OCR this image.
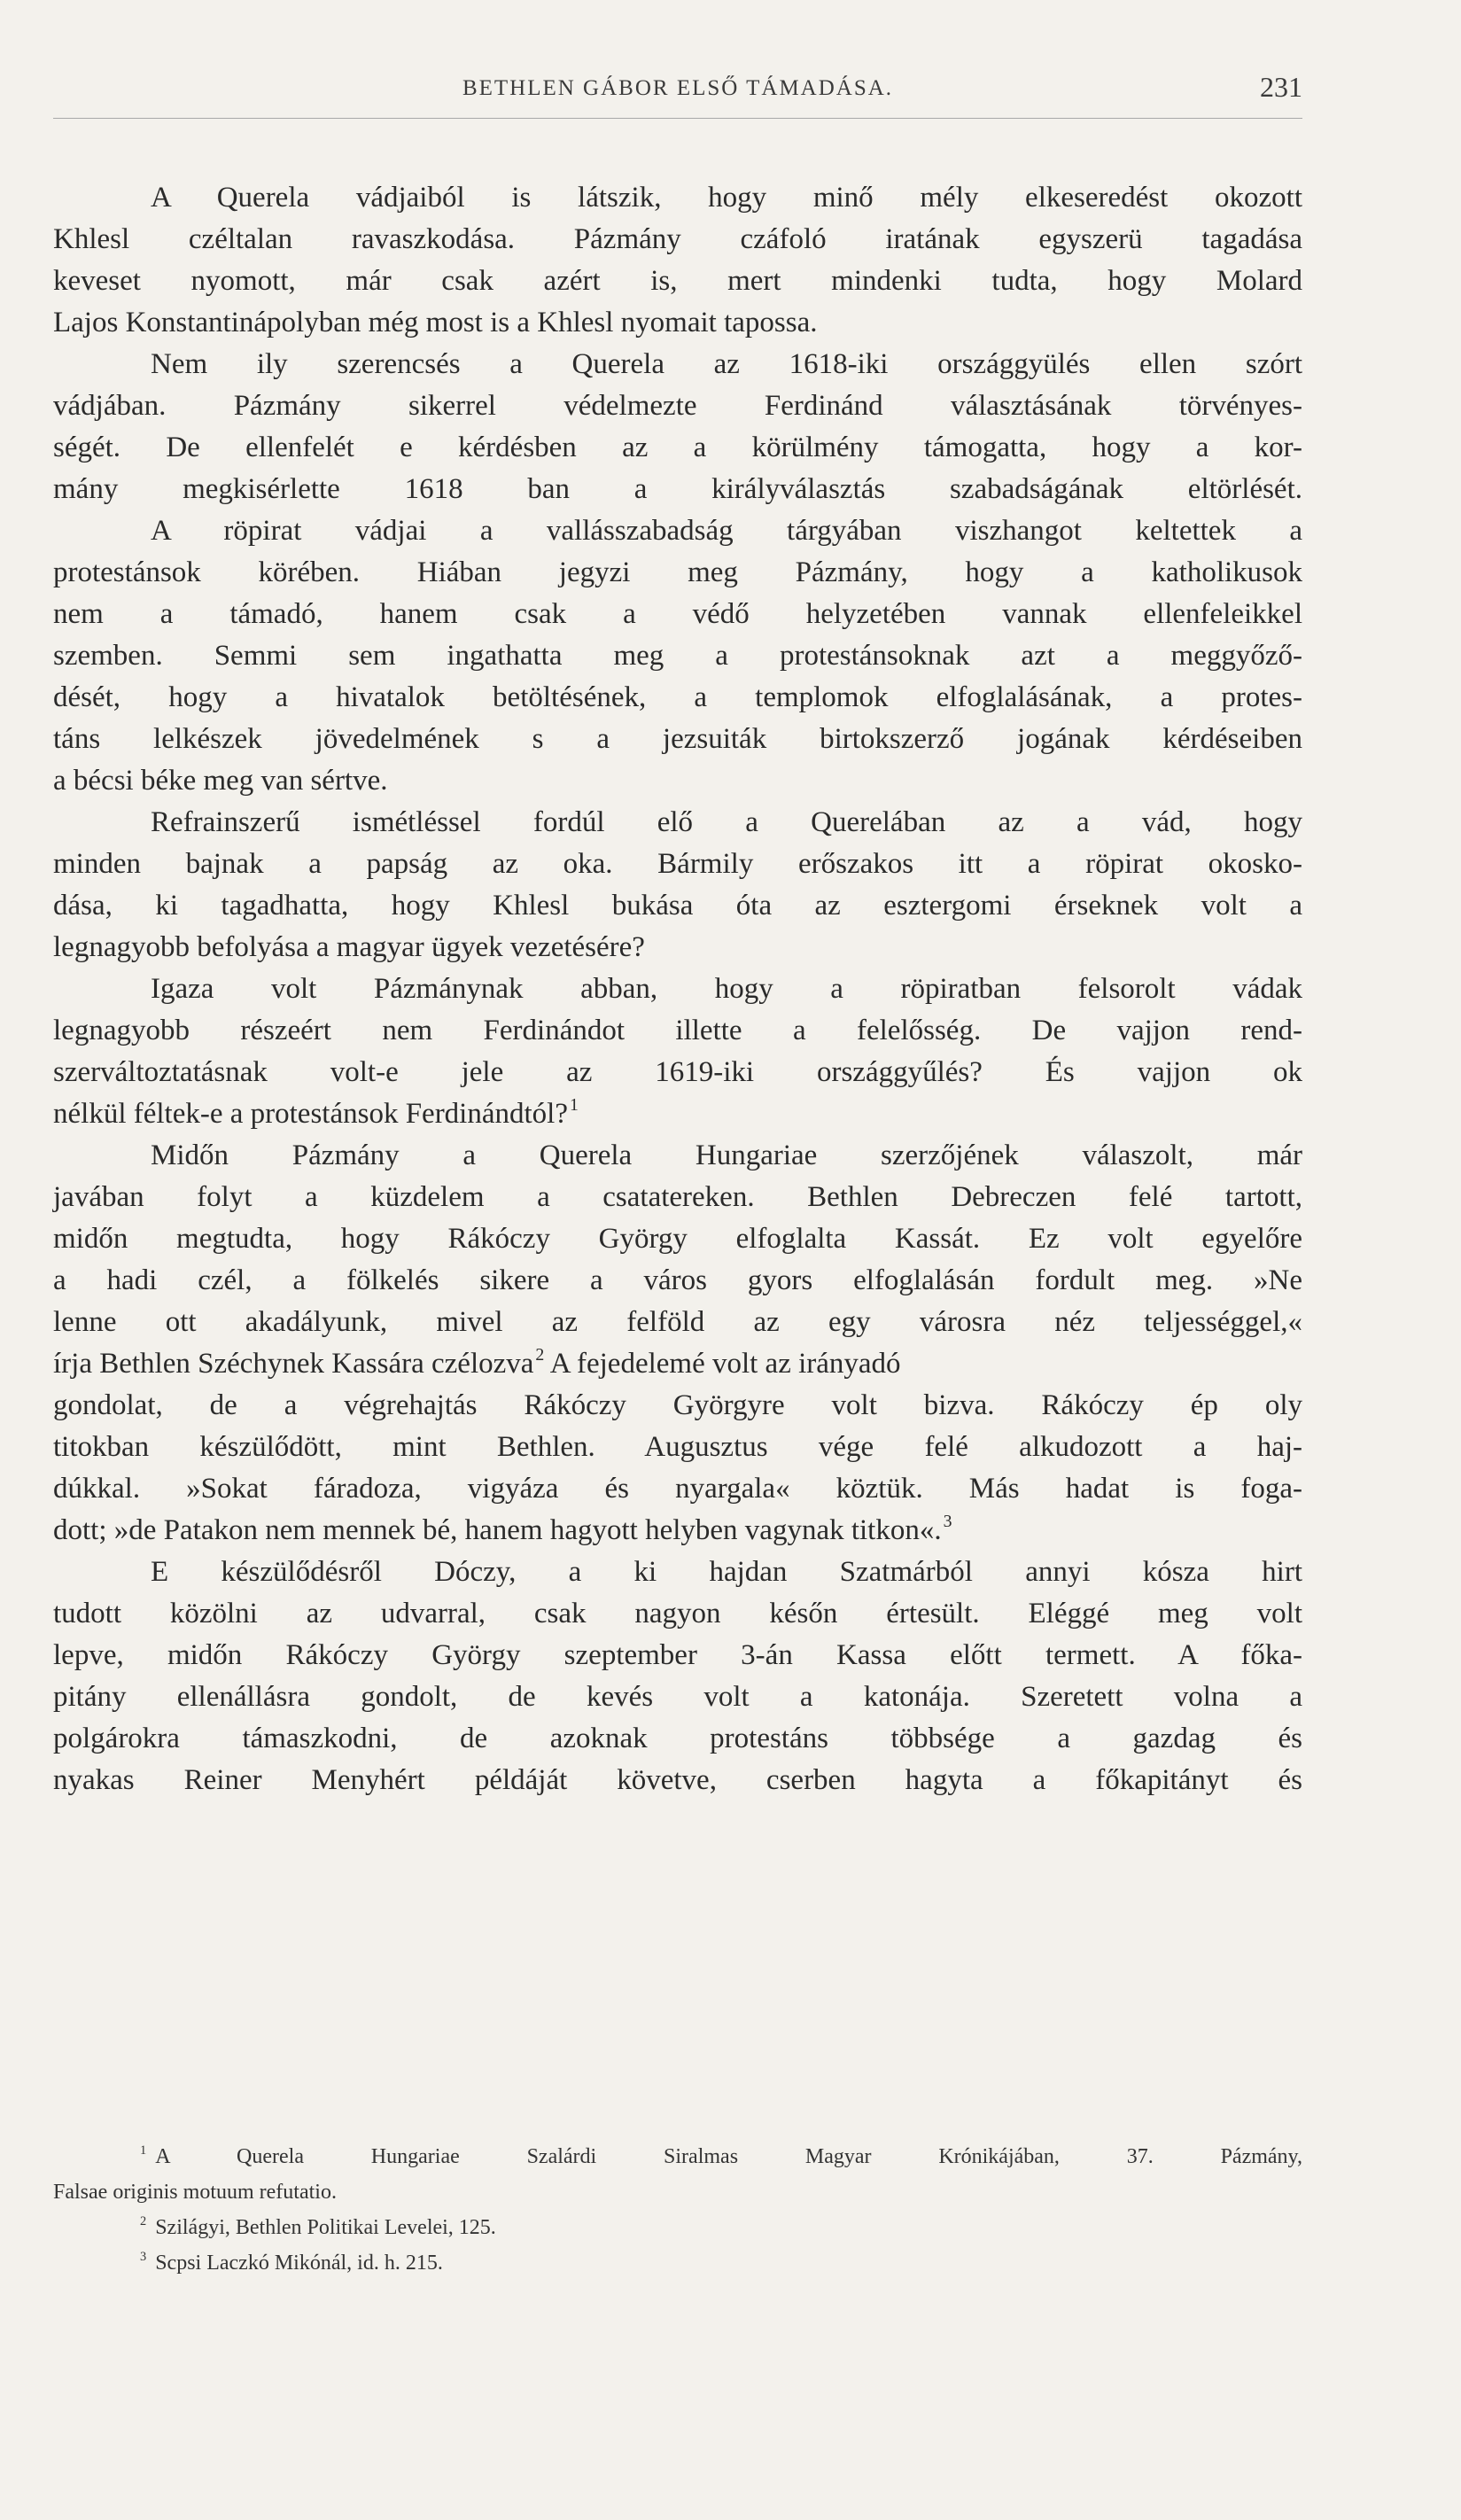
BETHLEN GÁBOR ELSŐ TÁMADÁSA.	231
A Querela vádjaiból is látszik, hogy minő mély elkeseredést okozott
Khlesl czéltalan ravaszkodása. Pázmány czáfoló iratának egyszerü tagadása
keveset nyomott, már csak azért is, mert mindenki tudta, hogy Molard
Lajos Konstantinápolyban még most is a Khlesl nyomait tapossa.
Nem ily szerencsés a Querela az 1618-iki országgyülés ellen szórt
vádjában. Pázmány sikerrel védelmezte Ferdinánd választásának törvényes-
ségét. De ellenfelét e kérdésben az a körülmény támogatta, hogy a kor-
mány megkisérlette 1618 ban a királyválasztás szabadságának eltörlését.
A röpirat vádjai a vallásszabadság tárgyában viszhangot keltettek a
protestánsok körében. Hiában jegyzi meg Pázmány, hogy a katholikusok
nem a támadó, hanem csak a védő helyzetében vannak ellenfeleikkel
szemben. Semmi sem ingathatta meg a protestánsoknak azt a meggyőző-
dését, hogy a hivatalok betöltésének, a templomok elfoglalásának, a protes-
táns lelkészek jövedelmének s a jezsuiták birtokszerző jogának kérdéseiben
a bécsi béke meg van sértve.
Refrainszerű ismétléssel fordúl elő a Querelában az a vád, hogy
minden bajnak a papság az oka. Bármily erőszakos itt a röpirat okosko-
dása, ki tagadhatta, hogy Khlesl bukása óta az esztergomi érseknek volt a
legnagyobb befolyása a magyar ügyek vezetésére?
Igaza volt Pázmánynak abban, hogy a röpiratban felsorolt vádak
legnagyobb részeért nem Ferdinándot illette a felelősség. De vajjon rend-
szerváltoztatásnak volt-e jele az 1619-iki országgyűlés? És vajjon ok
nélkül féltek-e a protestánsok Ferdinándtól? $^1$
Midőn Pázmány a Querela Hungariae szerzőjének válaszolt, már
javában folyt a küzdelem a csatatereken. Bethlen Debreczen felé tartott,
midőn megtudta, hogy Rákóczy György elfoglalta Kassát. Ez volt egyelőre
a hadi czél, a fölkelés sikere a város gyors elfoglalásán fordult meg. »Ne
lenne ott akadályunk, mivel az felföld az egy városra néz teljességgel,«
írja Bethlen Széchynek Kassára czélozva $^2$ A fejedelemé volt az irányadó
gondolat, de a végrehajtás Rákóczy Györgyre volt bizva. Rákóczy ép oly
titokban készülődött, mint Bethlen. Augusztus vége felé alkudozott a haj-
dúkkal. »Sokat fáradoza, vigyáza és nyargala« köztük. Más hadat is foga-
dott; »de Patakon nem mennek bé, hanem hagyott helyben vagynak titkon«. $^3$
E készülődésről Dóczy, a ki hajdan Szatmárból annyi kósza hirt
tudott közölni az udvarral, csak nagyon későn értesült. Eléggé meg volt
lepve, midőn Rákóczy György szeptember 3-án Kassa előtt termett. A főka-
pitány ellenállásra gondolt, de kevés volt a katonája. Szeretett volna a
polgárokra támaszkodni, de azoknak protestáns többsége a gazdag és
nyakas Reiner Menyhért példáját követve, cserben hagyta a főkapitányt és
$^1$ A Querela Hungariae Szalárdi Siralmas Magyar Krónikájában, 37. Pázmány,
Falsae originis motuum refutatio.
$^2$ Szilágyi, Bethlen Politikai Levelei, 125.
$^3$ Scpsi Laczkó Mikónál, id. h. 215.
